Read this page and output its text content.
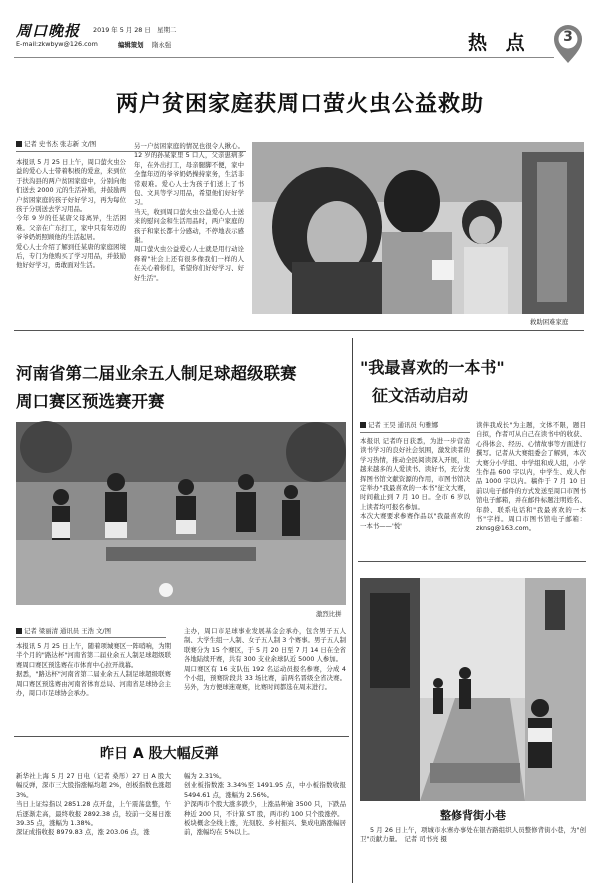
周口晚报 2019 年 5 月 28 日　星期二
E-mail:zkwbyw@126.com	编辑策划 隋永强	热 点	3
两户贫困家庭获周口萤火虫公益救助
记者 史书杰 张志新 文/图
本报讯 5 月 25 日上午，周口萤火虫公益的爱心人士带着积极的爱意，来到位于扶沟县的两户贫困家庭中，分别向他们送去 2000 元的生活补贴，并鼓励两户贫困家庭的孩子好好学习，再为每位孩子分别送去学习用品。
今年 9 岁的任某唐父母离异，生活困难。父亲在广东打工，家中只有年迈的爷爷奶奶照顾他的生活起居。
爱心人士介绍了解到任某唐的家庭困境后，专门为他购买了学习用品，并鼓励他好好学习，勇敢面对生活。
另一户贫困家庭的情况也很令人揪心。12 岁的孙某家里 5 口人，父亲患病多年，在外出打工，母亲腿脚不便，家中全靠年迈的爷爷奶奶操持家务，生活非常艰难。爱心人士为孩子们送上了书包、文具等学习用品，希望他们好好学习。
当天，收到周口萤火虫公益爱心人士送来的慰问金和生活用品时，两户家庭的孩子和家长都十分感动，不停地表示感谢。
周口萤火虫公益爱心人士就是用行动诠释着"社会上还有很多像我们一样的人在关心着你们，希望你们好好学习、好好生活"。
救助困难家庭
河南省第二届业余五人制足球超级联赛
周口赛区预选赛开赛
激烈比拼
记者 梁丽清 通讯员 王浩 文/图
本报讯 5 月 25 日上午，随着项城赛区一阵哨响，为期半个月的"路达杯"河南省第二届业余五人制足球超级联赛周口赛区预选赛在市体育中心拉开战幕。
据悉，"路达杯"河南省第二届业余五人制足球超级联赛周口赛区预选赛由河南省体育总局、河南省足球协会主办，周口市足球协会承办。
主办，周口市足球事业发展基金会承办，包含男子五人制、大学生组一人制、女子五人制 3 个赛事。男子五人制联赛分为 15 个赛区，于 5 月 20 日至 7 月 14 日在全省各地陆续开赛，共有 300 支业余球队近 5000 人参加。
周口赛区有 16 支队伍 192 名运动员报名参赛，分成 4 个小组，预赛阶段共 33 场比赛，前两名晋级全省决赛。另外，为方便球迷观赛，比赛时间都选在周末进行。
昨日 A 股大幅反弹
新华社上海 5 月 27 日电（记者 桑彤）27 日 A 股大幅反弹，深市三大股指涨幅均超 2%，创板指数也涨超 3%。
当日上证综指以 2851.28 点开盘，上午震荡盘整，午后逐渐走高，最终收报 2892.38 点，较前一交易日涨 39.35 点，涨幅为 1.38%。
深证成指收报 8979.83 点，涨 203.06 点，涨
幅为 2.31%。
创业板指数涨 3.34%至 1491.95 点，中小板指数收报 5494.61 点，涨幅为 2.56%。
沪深两市个股大涨多跌少，上涨品种逾 3500 只，下跌品种近 200 只，不计算 ST 股，两市约 100 只个股涨停。
板块概念全线上涨，光刻胶、乡村振兴、集成电路涨幅居前，涨幅均在 5%以上。
"我最喜欢的一本书"
征文活动启动
记者 王昊 通讯员 句雅娜
本报讯 记者昨日获悉，为进一步营造读书学习的良好社会氛围，激发读者的学习热情，推动全民阅读深入开展，让越来越多的人爱读书、读好书，充分发挥图书馆文献资源的作用，市图书馆决定举办"我最喜欢的一本书"征文大赛，时间截止到 7 月 10 日。全市 6 岁以上读者均可报名参加。
本次大赛要求参赛作品以"我最喜欢的一本书——'悦'
读伴我成长"为主题，文体不限，题目自拟，作者可从自己在读书中的收获、心得体会、经历、心情故事等方面进行撰写。记者从大赛组委会了解到，本次大赛分小学组、中学组和成人组，小学生作品 600 字以内，中学生、成人作品 1000 字以内。稿件于 7 月 10 日前以电子邮件的方式发送至周口市图书馆电子邮箱，并在邮件标题注明姓名、年龄、联系电话和"我最喜欢的一本书"字样。周口市图书馆电子邮箱：zknsg@163.com。
整修背街小巷
5 月 26 日上午，项城市水寨办事处在银杏路组织人员整修背街小巷，为"创卫"贡献力量。　记者 司书亮 摄
